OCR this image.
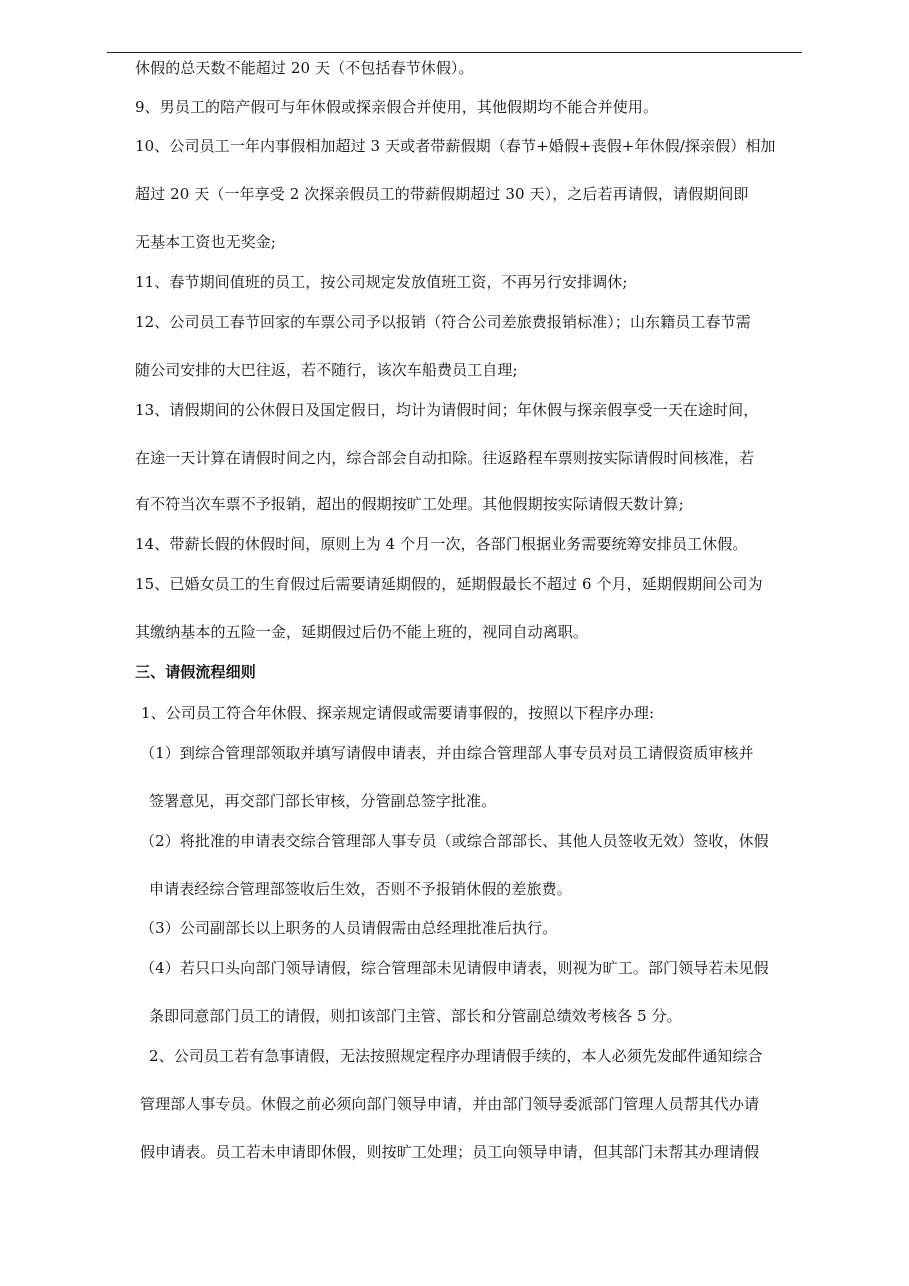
休假的总天数不能超过 20 天（不包括春节休假）。
9、男员工的陪产假可与年休假或探亲假合并使用，其他假期均不能合并使用。
10、公司员工一年内事假相加超过 3 天或者带薪假期（春节+婚假+丧假+年休假/探亲假）相加
超过 20 天（一年享受 2 次探亲假员工的带薪假期超过 30 天），之后若再请假，请假期间即
无基本工资也无奖金;
11、春节期间值班的员工，按公司规定发放值班工资，不再另行安排调休;
12、公司员工春节回家的车票公司予以报销（符合公司差旅费报销标准）；山东籍员工春节需
随公司安排的大巴往返，若不随行，该次车船费员工自理;
13、请假期间的公休假日及国定假日，均计为请假时间；年休假与探亲假享受一天在途时间，
在途一天计算在请假时间之内，综合部会自动扣除。往返路程车票则按实际请假时间核准，若
有不符当次车票不予报销，超出的假期按旷工处理。其他假期按实际请假天数计算;
14、带薪长假的休假时间，原则上为 4 个月一次，各部门根据业务需要统筹安排员工休假。
15、已婚女员工的生育假过后需要请延期假的，延期假最长不超过 6 个月，延期假期间公司为
其缴纳基本的五险一金，延期假过后仍不能上班的，视同自动离职。
三、请假流程细则
1、公司员工符合年休假、探亲规定请假或需要请事假的，按照以下程序办理:
（1）到综合管理部领取并填写请假申请表，并由综合管理部人事专员对员工请假资质审核并
签署意见，再交部门部长审核，分管副总签字批准。
（2）将批准的申请表交综合管理部人事专员（或综合部部长、其他人员签收无效）签收，休假
申请表经综合管理部签收后生效，否则不予报销休假的差旅费。
（3）公司副部长以上职务的人员请假需由总经理批准后执行。
（4）若只口头向部门领导请假，综合管理部未见请假申请表，则视为旷工。部门领导若未见假
条即同意部门员工的请假，则扣该部门主管、部长和分管副总绩效考核各 5 分。
2、公司员工若有急事请假，无法按照规定程序办理请假手续的，本人必须先发邮件通知综合
管理部人事专员。休假之前必须向部门领导申请，并由部门领导委派部门管理人员帮其代办请
假申请表。员工若未申请即休假，则按旷工处理；员工向领导申请，但其部门未帮其办理请假
